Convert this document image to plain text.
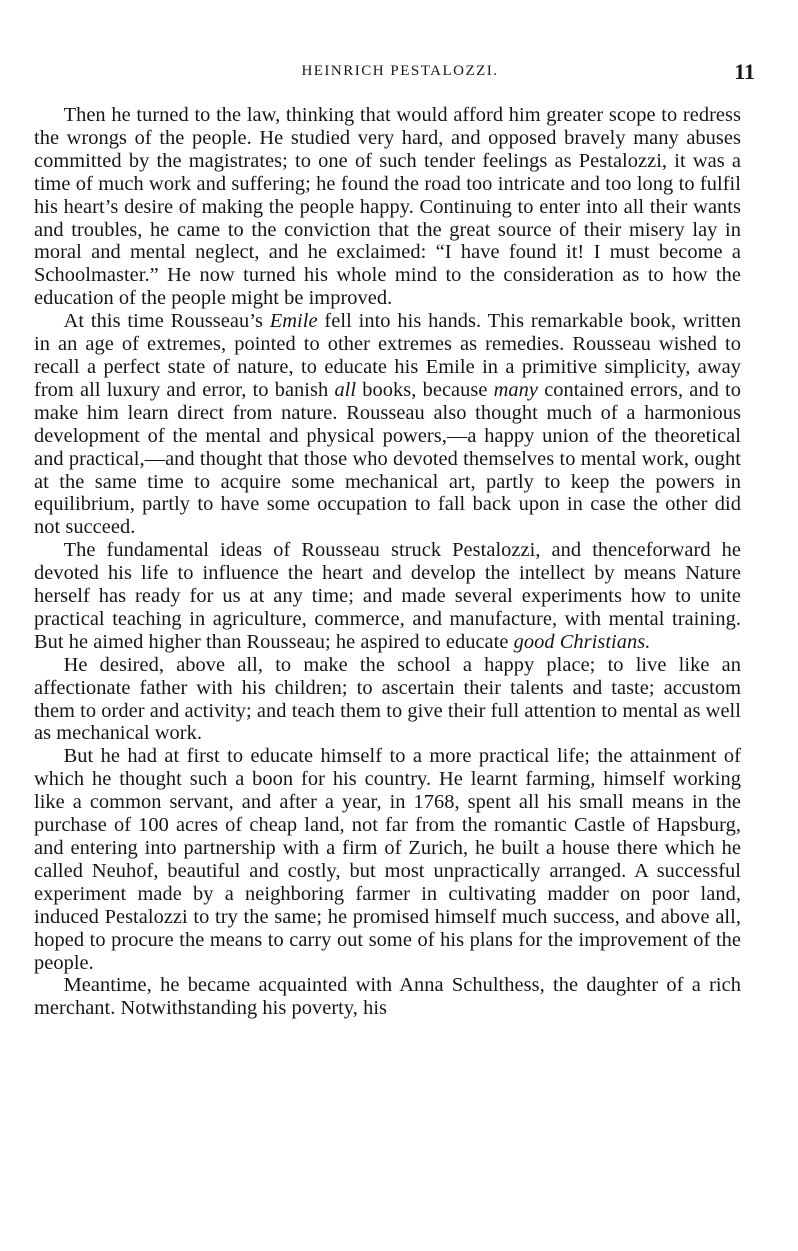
HEINRICH PESTALOZZI.	11

Then he turned to the law, thinking that would afford him greater scope to redress the wrongs of the people. He studied very hard, and opposed bravely many abuses committed by the magistrates; to one of such tender feelings as Pestalozzi, it was a time of much work and suffering; he found the road too intricate and too long to fulfil his heart’s desire of making the people happy. Continuing to enter into all their wants and troubles, he came to the conviction that the great source of their misery lay in moral and mental neglect, and he exclaimed: “I have found it! I must become a Schoolmaster.” He now turned his whole mind to the consideration as to how the education of the people might be improved.

At this time Rousseau’s Emile fell into his hands. This remarkable book, written in an age of extremes, pointed to other extremes as remedies. Rousseau wished to recall a perfect state of nature, to educate his Emile in a primitive simplicity, away from all luxury and error, to banish all books, because many contained errors, and to make him learn direct from nature. Rousseau also thought much of a harmonious development of the mental and physical powers,—a happy union of the theoretical and practical,—and thought that those who devoted themselves to mental work, ought at the same time to acquire some mechanical art, partly to keep the powers in equilibrium, partly to have some occupation to fall back upon in case the other did not succeed.

The fundamental ideas of Rousseau struck Pestalozzi, and thenceforward he devoted his life to influence the heart and develop the intellect by means Nature herself has ready for us at any time; and made several experiments how to unite practical teaching in agriculture, commerce, and manufacture, with mental training. But he aimed higher than Rousseau; he aspired to educate good Christians.

He desired, above all, to make the school a happy place; to live like an affectionate father with his children; to ascertain their talents and taste; accustom them to order and activity; and teach them to give their full attention to mental as well as mechanical work.

But he had at first to educate himself to a more practical life; the attainment of which he thought such a boon for his country. He learnt farming, himself working like a common servant, and after a year, in 1768, spent all his small means in the purchase of 100 acres of cheap land, not far from the romantic Castle of Hapsburg, and entering into partnership with a firm of Zurich, he built a house there which he called Neuhof, beautiful and costly, but most unpractically arranged. A successful experiment made by a neighboring farmer in cultivating madder on poor land, induced Pestalozzi to try the same; he promised himself much success, and above all, hoped to procure the means to carry out some of his plans for the improvement of the people.

Meantime, he became acquainted with Anna Schulthess, the daughter of a rich merchant. Notwithstanding his poverty, his
